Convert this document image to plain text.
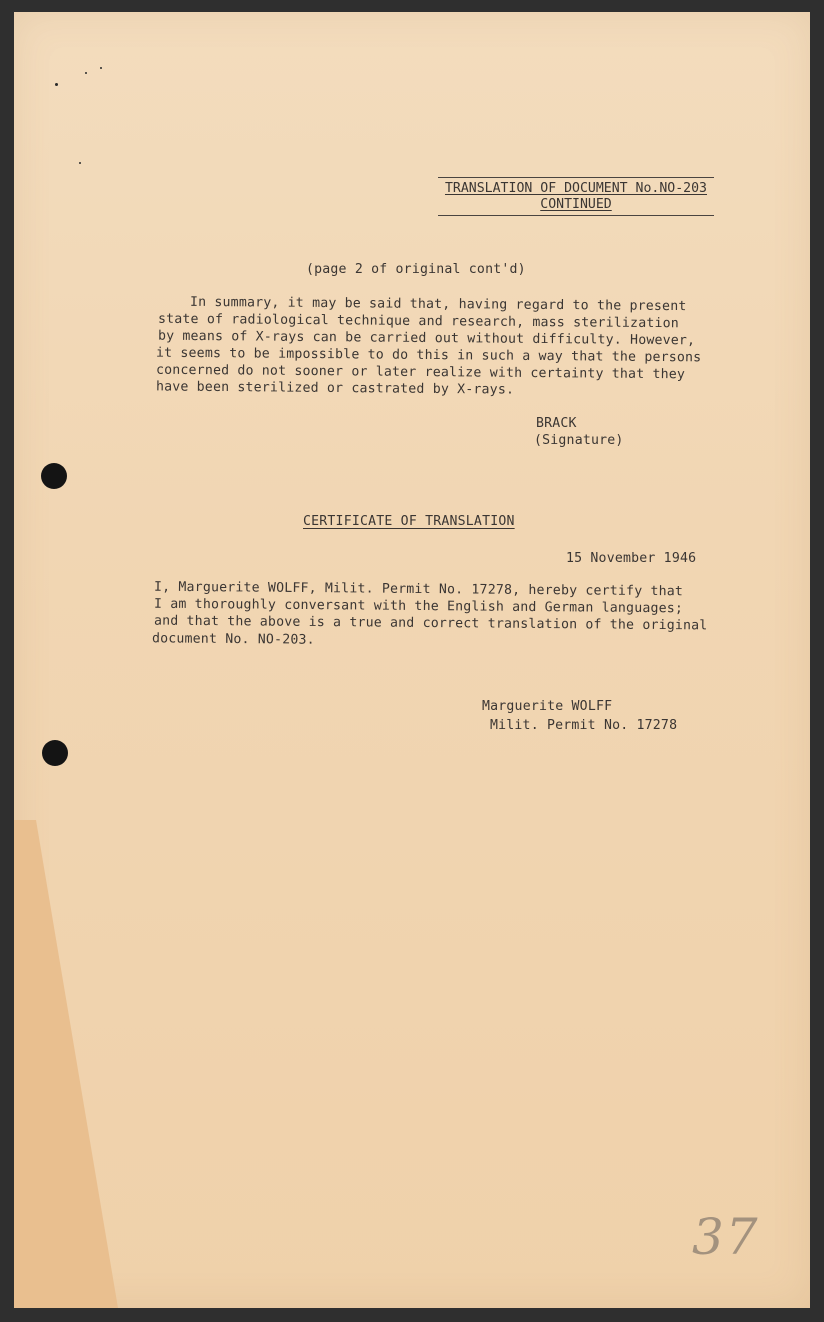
TRANSLATION OF DOCUMENT No.NO-203
CONTINUED

(page 2 of original cont'd)

In summary, it may be said that, having regard to the present

state of radiological technique and research, mass sterilization

by means of X-rays can be carried out without difficulty. However,

it seems to be impossible to do this in such a way that the persons

concerned do not sooner or later realize with certainty that they

have been sterilized or castrated by X-rays.

BRACK

(Signature)

CERTIFICATE OF TRANSLATION

15 November 1946

I, Marguerite WOLFF, Milit. Permit No. 17278, hereby certify that

I am thoroughly conversant with the English and German languages;

and that the above is a true and correct translation of the original

document No. NO-203.

Marguerite WOLFF

Milit. Permit No. 17278

37
